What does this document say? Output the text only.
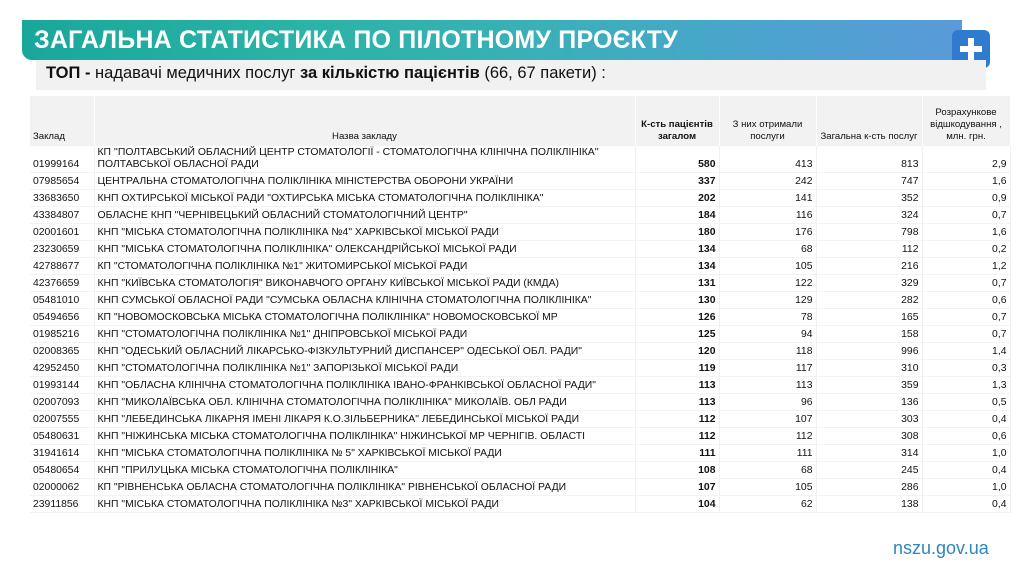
ЗАГАЛЬНА СТАТИСТИКА ПО ПІЛОТНОМУ ПРОЄКТУ
ТОП - надавачі медичних послуг за кількістю пацієнтів (66, 67 пакети) :
Заклад	Назва закладу	К-сть пацієнтів загалом	З них отримали послуги	Загальна к-сть послуг	Розрахункове відшкодування , млн. грн.
01999164	КП ''ПОЛТАВСЬКИЙ ОБЛАСНИЙ ЦЕНТР СТОМАТОЛОГІЇ - СТОМАТОЛОГІЧНА КЛІНІЧНА ПОЛІКЛІНІКА'' ПОЛТАВСЬКОЇ ОБЛАСНОЇ РАДИ	580	413	813	2,9
07985654	ЦЕНТРАЛЬНА СТОМАТОЛОГІЧНА ПОЛІКЛІНІКА МІНІСТЕРСТВА ОБОРОНИ УКРАЇНИ	337	242	747	1,6
33683650	КНП ОХТИРСЬКОЇ МІСЬКОЇ РАДИ "ОХТИРСЬКА МІСЬКА СТОМАТОЛОГІЧНА ПОЛІКЛІНІКА"	202	141	352	0,9
43384807	ОБЛАСНЕ КНП "ЧЕРНІВЕЦЬКИЙ ОБЛАСНИЙ СТОМАТОЛОГІЧНИЙ ЦЕНТР"	184	116	324	0,7
02001601	КНП "МІСЬКА СТОМАТОЛОГІЧНА ПОЛІКЛІНІКА №4" ХАРКІВСЬКОЇ МІСЬКОЇ РАДИ	180	176	798	1,6
23230659	КНП "МІСЬКА СТОМАТОЛОГІЧНА ПОЛІКЛІНІКА" ОЛЕКСАНДРІЙСЬКОЇ МІСЬКОЇ РАДИ	134	68	112	0,2
42788677	КП "СТОМАТОЛОГІЧНА ПОЛІКЛІНІКА №1" ЖИТОМИРСЬКОЇ МІСЬКОЇ РАДИ	134	105	216	1,2
42376659	КНП "КИЇВСЬКА СТОМАТОЛОГІЯ" ВИКОНАВЧОГО ОРГАНУ КИЇВСЬКОЇ МІСЬКОЇ РАДИ (КМДА)	131	122	329	0,7
05481010	КНП СУМСЬКОЇ ОБЛАСНОЇ РАДИ "СУМСЬКА ОБЛАСНА КЛІНІЧНА СТОМАТОЛОГІЧНА ПОЛІКЛІНІКА"	130	129	282	0,6
05494656	КП "НОВОМОСКОВСЬКА МІСЬКА СТОМАТОЛОГІЧНА ПОЛІКЛІНІКА" НОВОМОСКОВСЬКОЇ МР	126	78	165	0,7
01985216	КНП "СТОМАТОЛОГІЧНА ПОЛІКЛІНІКА №1" ДНІПРОВСЬКОЇ МІСЬКОЇ РАДИ	125	94	158	0,7
02008365	КНП "ОДЕСЬКИЙ ОБЛАСНИЙ ЛІКАРСЬКО-ФІЗКУЛЬТУРНИЙ ДИСПАНСЕР" ОДЕСЬКОЇ ОБЛ. РАДИ"	120	118	996	1,4
42952450	КНП "СТОМАТОЛОГІЧНА ПОЛІКЛІНІКА №1" ЗАПОРІЗЬКОЇ МІСЬКОЇ РАДИ	119	117	310	0,3
01993144	КНП "ОБЛАСНА КЛІНІЧНА СТОМАТОЛОГІЧНА ПОЛІКЛІНІКА ІВАНО-ФРАНКІВСЬКОЇ ОБЛАСНОЇ РАДИ"	113	113	359	1,3
02007093	КНП "МИКОЛАЇВСЬКА ОБЛ. КЛІНІЧНА СТОМАТОЛОГІЧНА ПОЛІКЛІНІКА" МИКОЛАЇВ. ОБЛ РАДИ	113	96	136	0,5
02007555	КНП "ЛЕБЕДИНСЬКА ЛІКАРНЯ ІМЕНІ ЛІКАРЯ К.О.ЗІЛЬБЕРНИКА" ЛЕБЕДИНСЬКОЇ МІСЬКОЇ РАДИ	112	107	303	0,4
05480631	КНП "НІЖИНСЬКА МІСЬКА СТОМАТОЛОГІЧНА ПОЛІКЛІНІКА" НІЖИНСЬКОЇ МР ЧЕРНІГІВ. ОБЛАСТІ	112	112	308	0,6
31941614	КНП "МІСЬКА СТОМАТОЛОГІЧНА ПОЛІКЛІНІКА № 5" ХАРКІВСЬКОЇ МІСЬКОЇ РАДИ	111	111	314	1,0
05480654	КНП "ПРИЛУЦЬКА МІСЬКА СТОМАТОЛОГІЧНА ПОЛІКЛІНІКА"	108	68	245	0,4
02000062	КП "РІВНЕНСЬКА ОБЛАСНА СТОМАТОЛОГІЧНА ПОЛІКЛІНІКА" РІВНЕНСЬКОЇ ОБЛАСНОЇ РАДИ	107	105	286	1,0
23911856	КНП "МІСЬКА СТОМАТОЛОГІЧНА ПОЛІКЛІНІКА №3" ХАРКІВСЬКОЇ МІСЬКОЇ РАДИ	104	62	138	0,4
nszu.gov.ua
